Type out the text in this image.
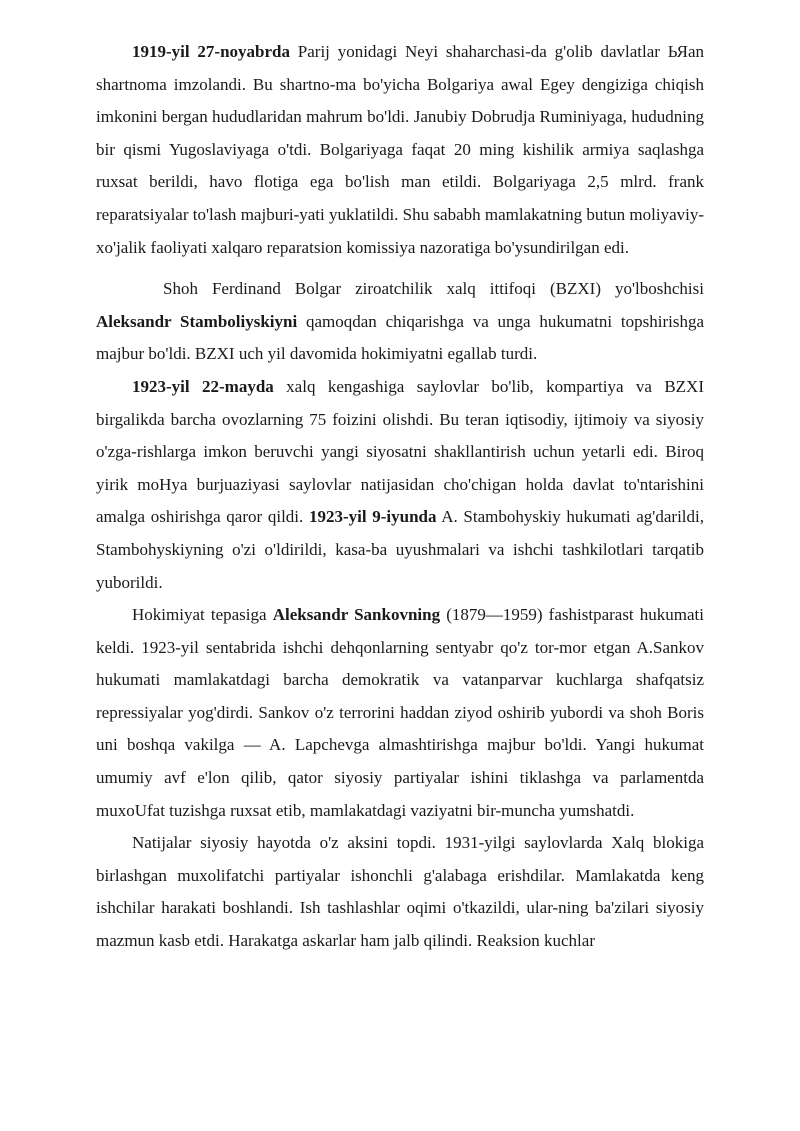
1919-yil 27-noyabrda Parij yonidagi Neyi shaharchasi-da g'olib davlatlar ЬЯаn shartnoma imzolandi. Bu shartno-ma bo'yicha Bolgariya awal Egey dengiziga chiqish imkonini bergan hududlaridan mahrum bo'ldi. Janubiy Dobrudja Ruminiyaga, hududning bir qismi Yugoslaviyaga o'tdi. Bolgariyaga faqat 20 ming kishilik armiya saqlashga ruxsat berildi, havo flotiga ega bo'lish man etildi. Bolgariyaga 2,5 mlrd. frank reparatsiyalar to'lash majburi-yati yuklatildi. Shu sababh mamlakatning butun moliyaviy-xo'jalik faoliyati xalqaro reparatsion komissiya nazoratiga bo'ysundirilgan edi.

Shoh Ferdinand Bolgar ziroatchilik xalq ittifoqi (BZXI) yo'lboshchisi Aleksandr Stamboliyskiyni qamoqdan chiqarishga va unga hukumatni topshirishga majbur bo'ldi. BZXI uch yil davomida hokimiyatni egallab turdi.

1923-yil 22-mayda xalq kengashiga saylovlar bo'lib, kompartiya va BZXI birgalikda barcha ovozlarning 75 foizini olishdi. Bu teran iqtisodiy, ijtimoiy va siyosiy o'zga-rishlarga imkon beruvchi yangi siyosatni shakllantirish uchun yetarli edi. Biroq yirik moHya burjuaziyasi saylovlar natijasidan cho'chigan holda davlat to'ntarishini amalga oshirishga qaror qildi. 1923-yil 9-iyunda A. Stambohyskiy hukumati ag'darildi, Stambohyskiyning o'zi o'ldirildi, kasa-ba uyushmalari va ishchi tashkilotlari tarqatib yuborildi.

Hokimiyat tepasiga Aleksandr Sankovning (1879—1959) fashistparast hukumati keldi. 1923-yil sentabrida ishchi dehqonlarning sentyabr qo'z tor-mor etgan A.Sankov hukumati mamlakatdagi barcha demokratik va vatanparvar kuchlarga shafqatsiz repressiyalar yog'dirdi. Sankov o'z terrorini haddan ziyod oshirib yubordi va shoh Boris uni boshqa vakilga — A. Lapchevga almashtirishga majbur bo'ldi. Yangi hukumat umumiy avf e'lon qilib, qator siyosiy partiyalar ishini tiklashga va parlamentda muxoUfat tuzishga ruxsat etib, mamlakatdagi vaziyatni bir-muncha yumshatdi.

Natijalar siyosiy hayotda o'z aksini topdi. 1931-yilgi saylovlarda Xalq blokiga birlashgan muxolifatchi partiyalar ishonchli g'alabaga erishdilar. Mamlakatda keng ishchilar harakati boshlandi. Ish tashlashlar oqimi o'tkazildi, ular-ning ba'zilari siyosiy mazmun kasb etdi. Harakatga askarlar ham jalb qilindi. Reaksion kuchlar
